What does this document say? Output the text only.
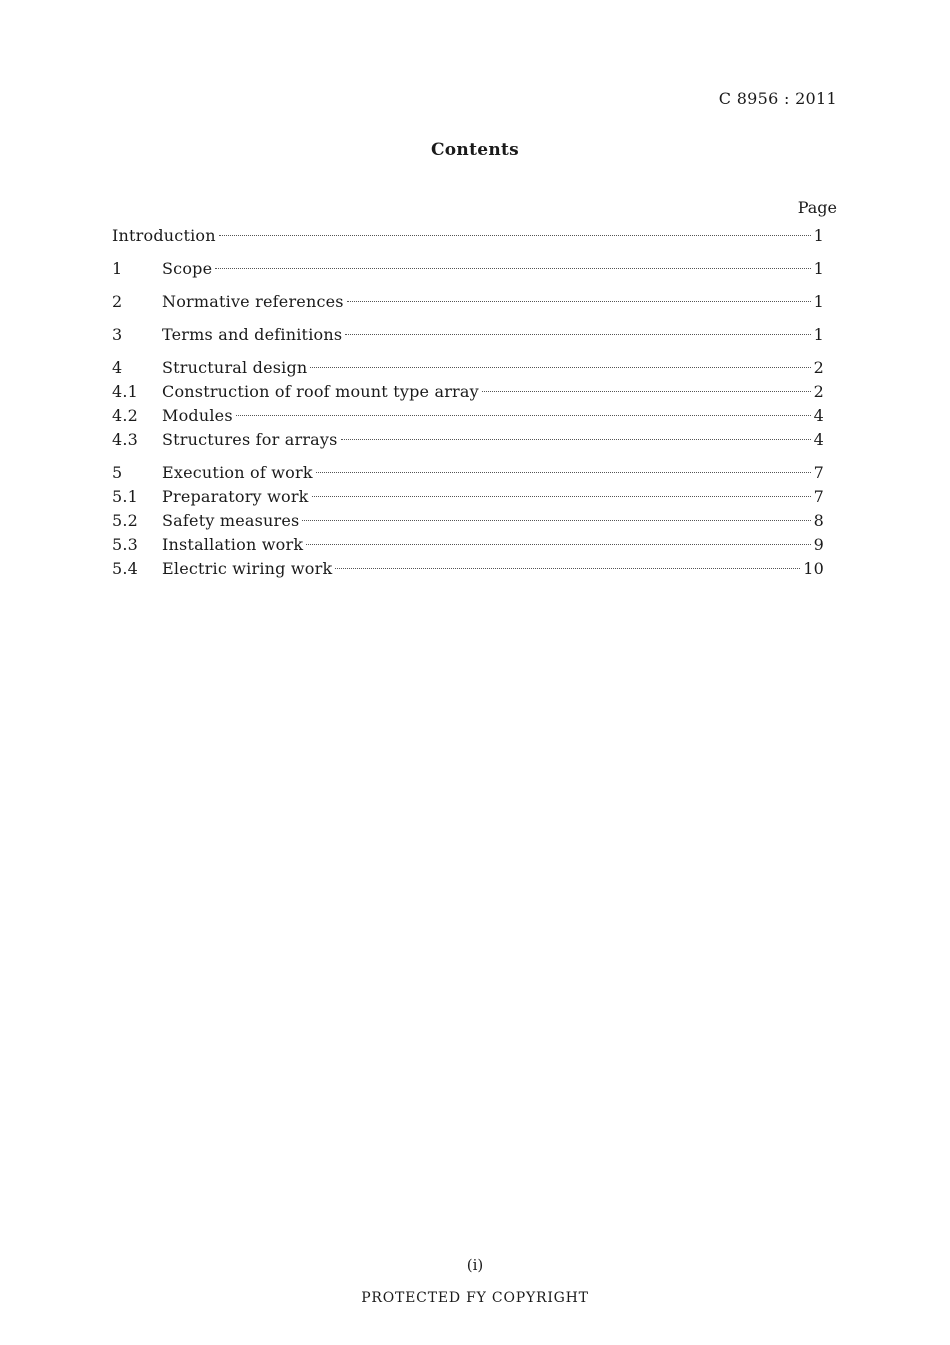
C 8956 : 2011
Contents
Page
Introduction	1
1	Scope	1
2	Normative references	1
3	Terms and definitions	1
4	Structural design	2
4.1	Construction of roof mount type array	2
4.2	Modules	4
4.3	Structures for arrays	4
5	Execution of work	7
5.1	Preparatory work	7
5.2	Safety measures	8
5.3	Installation work	9
5.4	Electric wiring work	10
(i)
PROTECTED FY COPYRIGHT
